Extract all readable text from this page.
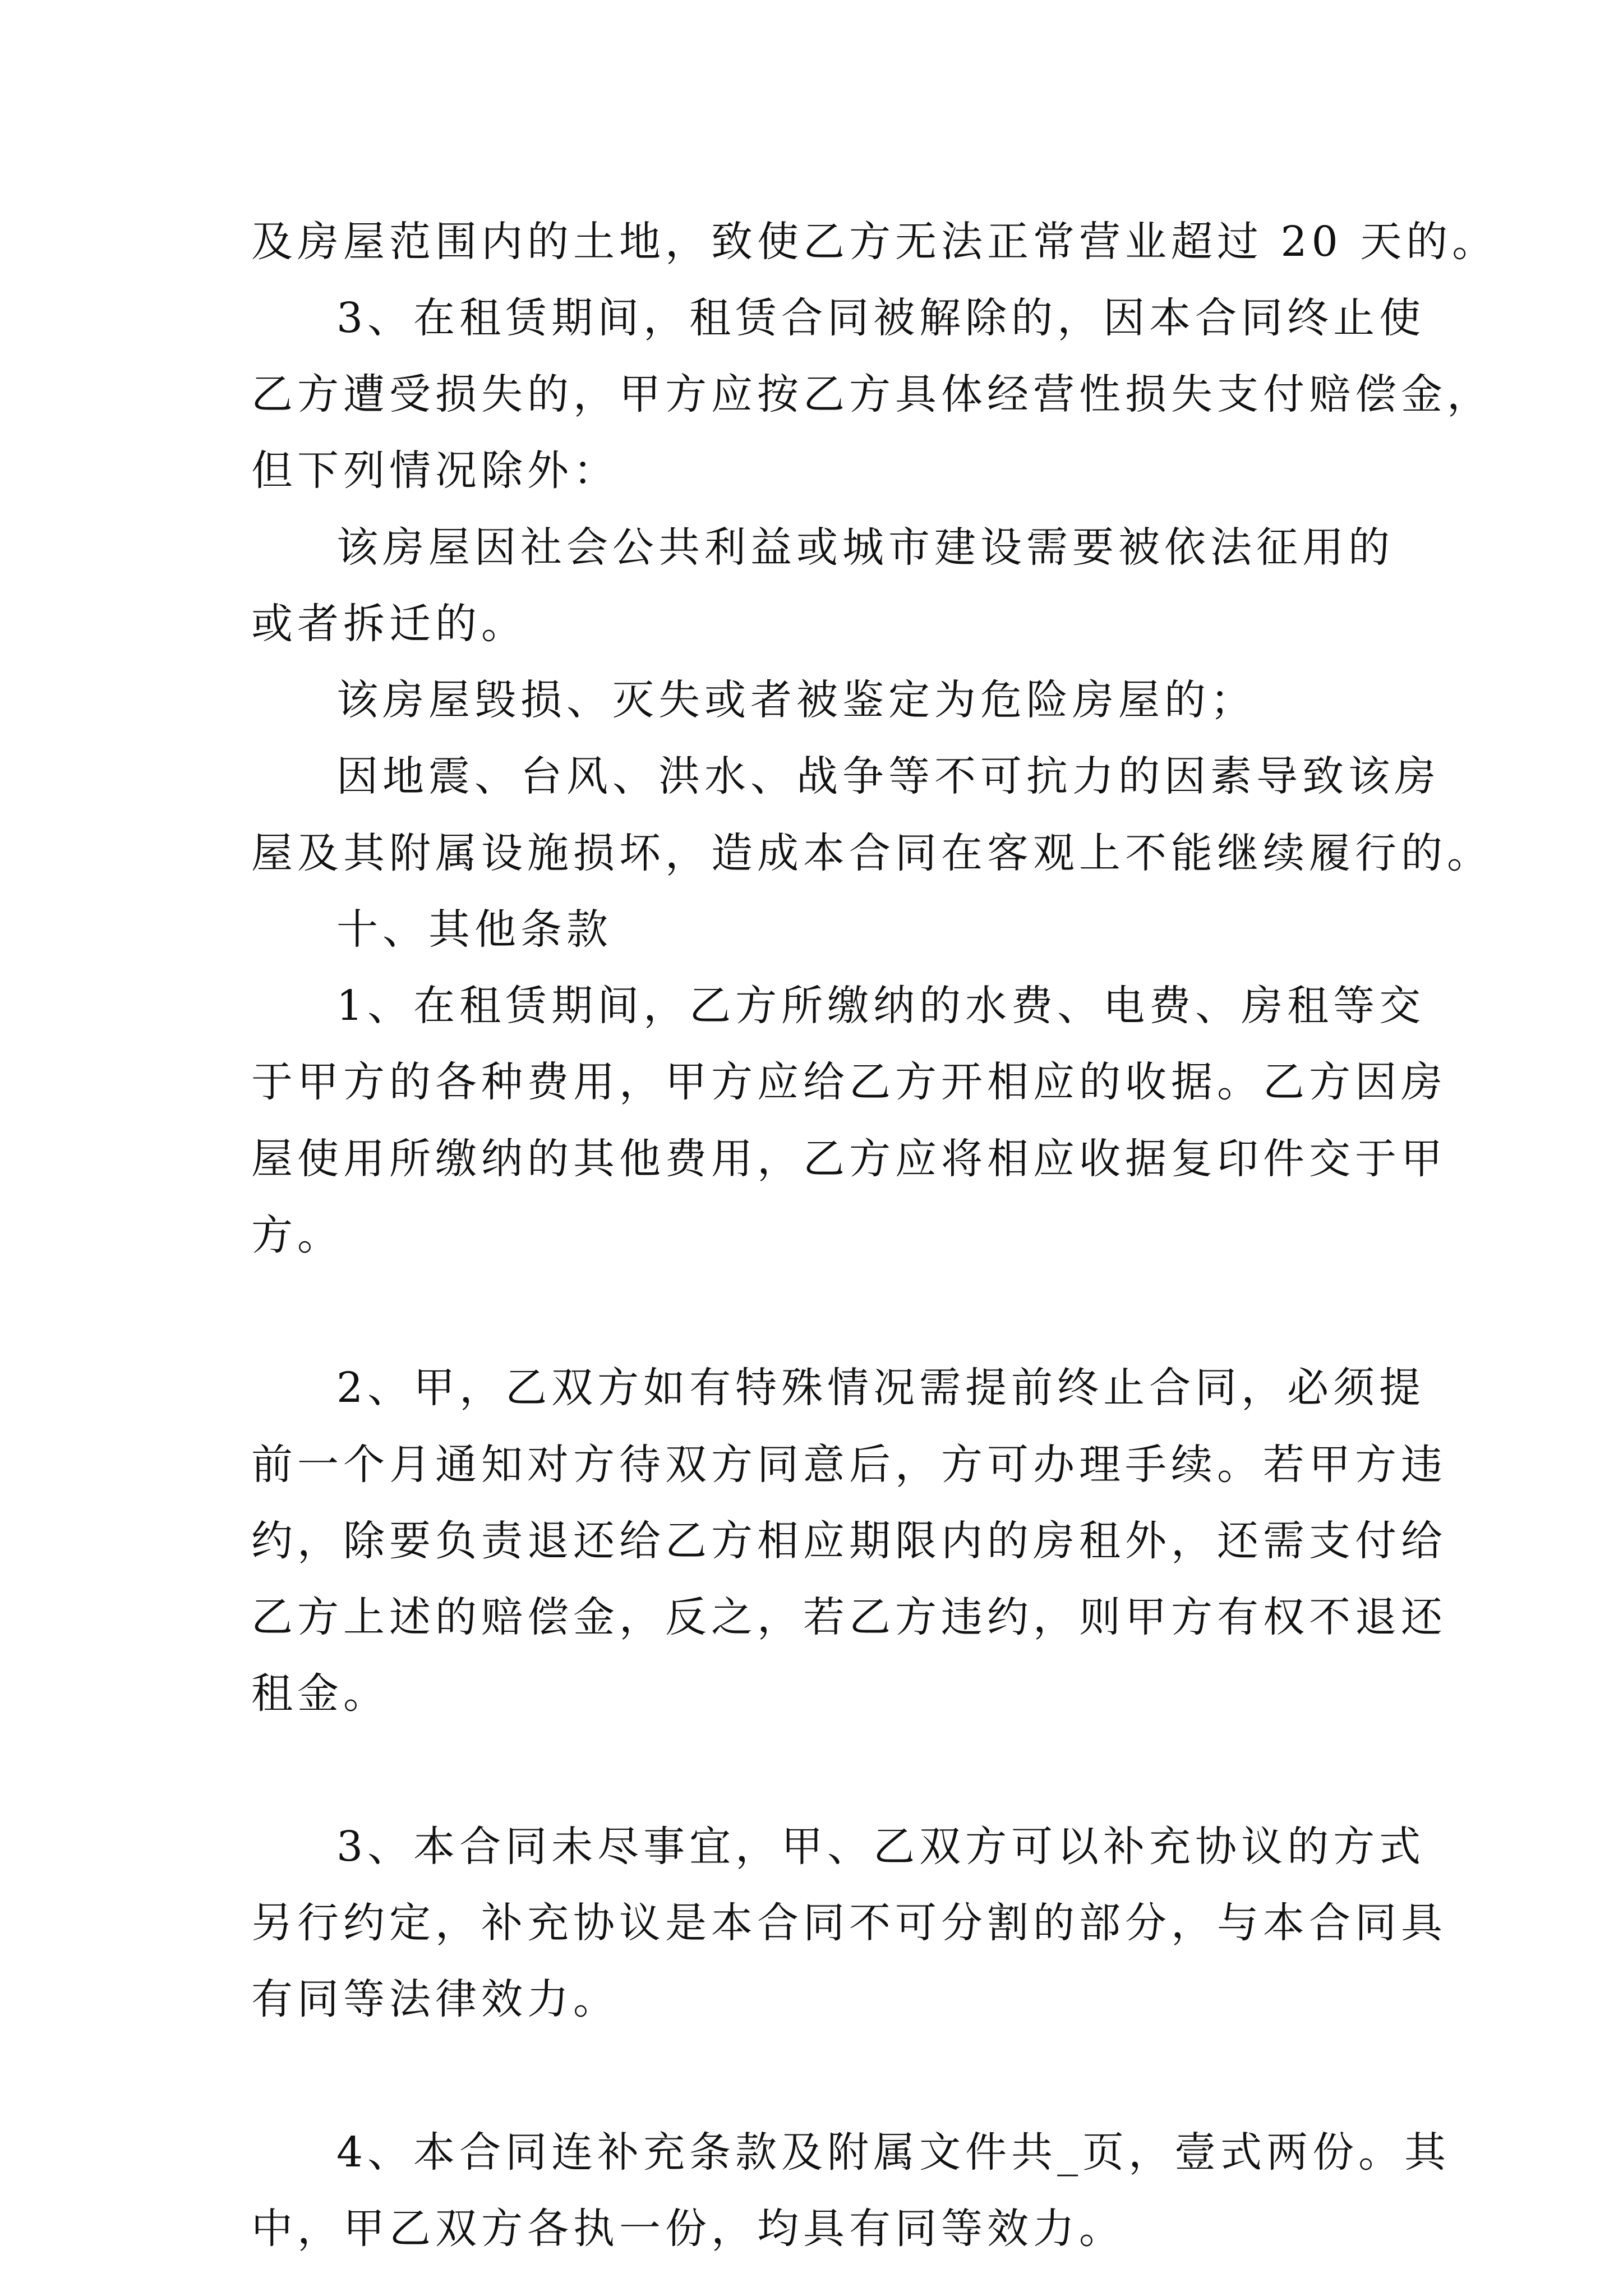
及房屋范围内的土地，致使乙方无法正常营业超过 20 天的。

3、在租赁期间，租赁合同被解除的，因本合同终止使

乙方遭受损失的，甲方应按乙方具体经营性损失支付赔偿金，

但下列情况除外：

该房屋因社会公共利益或城市建设需要被依法征用的

或者拆迁的。

该房屋毁损、灭失或者被鉴定为危险房屋的；

因地震、台风、洪水、战争等不可抗力的因素导致该房

屋及其附属设施损坏，造成本合同在客观上不能继续履行的。

十、其他条款

1、在租赁期间，乙方所缴纳的水费、电费、房租等交

于甲方的各种费用，甲方应给乙方开相应的收据。乙方因房

屋使用所缴纳的其他费用，乙方应将相应收据复印件交于甲

方。

2、甲，乙双方如有特殊情况需提前终止合同，必须提

前一个月通知对方待双方同意后，方可办理手续。若甲方违

约，除要负责退还给乙方相应期限内的房租外，还需支付给

乙方上述的赔偿金，反之，若乙方违约，则甲方有权不退还

租金。

3、本合同未尽事宜，甲、乙双方可以补充协议的方式

另行约定，补充协议是本合同不可分割的部分，与本合同具

有同等法律效力。

4、本合同连补充条款及附属文件共_页，壹式两份。其

中，甲乙双方各执一份，均具有同等效力。
